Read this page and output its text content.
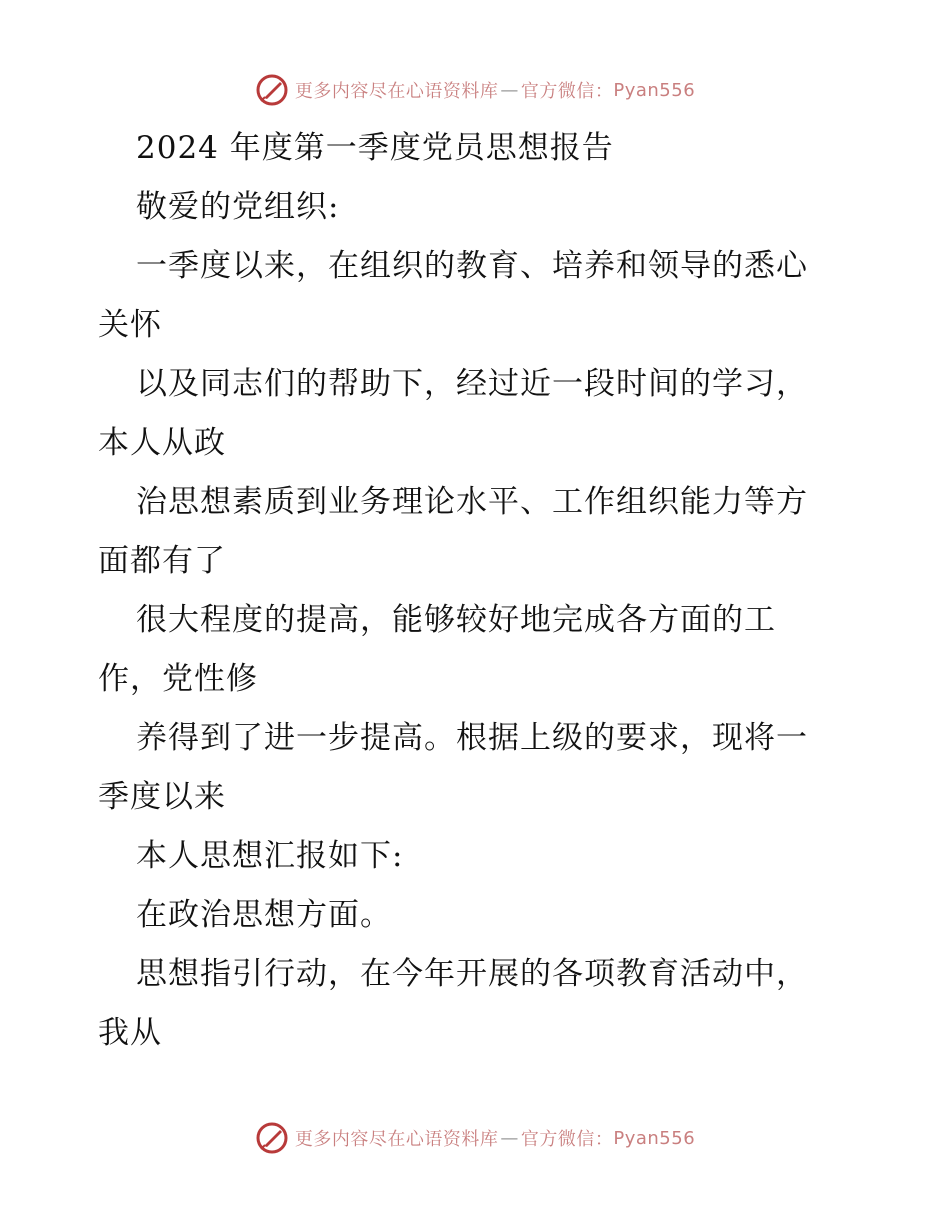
更多内容尽在心语资料库 — 官方微信： Pyan556
2024 年度第一季度党员思想报告
敬爱的党组织:
一季度以来，在组织的教育、培养和领导的悉心
关怀
以及同志们的帮助下，经过近一段时间的学习，
本人从政
治思想素质到业务理论水平、工作组织能力等方
面都有了
很大程度的提高，能够较好地完成各方面的工
作，党性修
养得到了进一步提高。根据上级的要求，现将一
季度以来
本人思想汇报如下:
在政治思想方面。
思想指引行动，在今年开展的各项教育活动中，
我从
更多内容尽在心语资料库 — 官方微信： Pyan556
